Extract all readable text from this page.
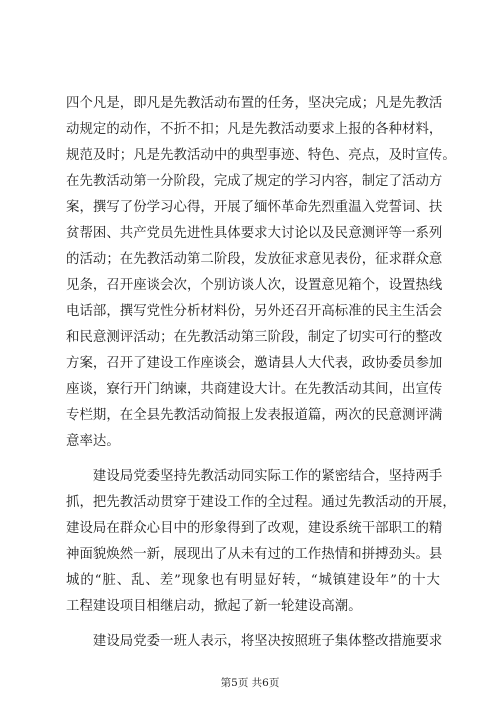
四个凡是，即凡是先教活动布置的任务，坚决完成；凡是先教活
动规定的动作，不折不扣；凡是先教活动要求上报的各种材料，
规范及时；凡是先教活动中的典型事迹、特色、亮点，及时宣传。
在先教活动第一分阶段，完成了规定的学习内容，制定了活动方
案，撰写了份学习心得，开展了缅怀革命先烈重温入党誓词、扶
贫帮困、共产党员先进性具体要求大讨论以及民意测评等一系列
的活动；在先教活动第二阶段，发放征求意见表份，征求群众意
见条，召开座谈会次，个别访谈人次，设置意见箱个，设置热线
电话部，撰写党性分析材料份，另外还召开高标准的民主生活会
和民意测评活动；在先教活动第三阶段，制定了切实可行的整改
方案，召开了建设工作座谈会，邀请县人大代表，政协委员参加
座谈，寮行开门纳谏，共商建设大计。在先教活动其间，出宣传
专栏期，在全县先教活动简报上发表报道篇，两次的民意测评满
意率达。
　　建设局党委坚持先教活动同实际工作的紧密结合，坚持两手
抓，把先教活动贯穿于建设工作的全过程。通过先教活动的开展，
建设局在群众心目中的形象得到了改观，建设系统干部职工的精
神面貌焕然一新，展现出了从未有过的工作热情和拼搏劲头。县
城的“脏、乱、差”现象也有明显好转，“城镇建设年”的十大
工程建设项目相继启动，掀起了新一轮建设高潮。
　　建设局党委一班人表示，将坚决按照班子集体整改措施要求
第5页 共6页
